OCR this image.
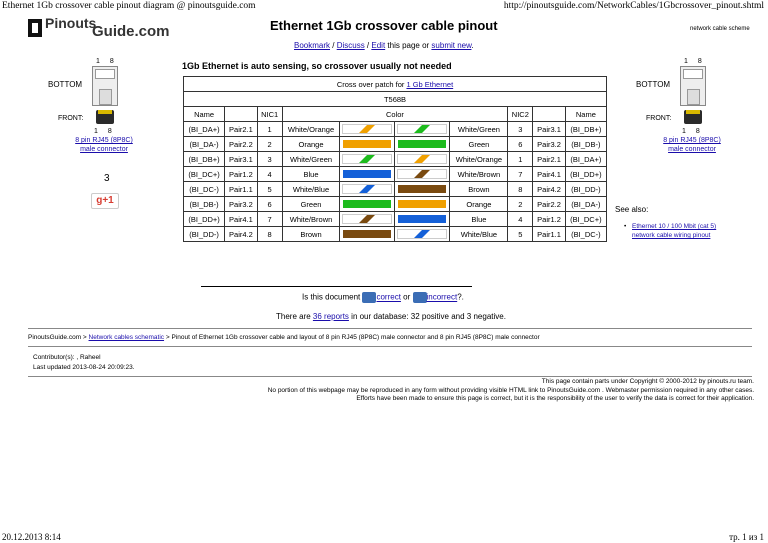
Ethernet 1Gb crossover cable pinout diagram @ pinoutsguide.com	http://pinoutsguide.com/NetworkCables/1Gbcrossover_pinout.shtml
Pinouts
Guide.com	Ethernet 1Gb crossover cable pinout
Bookmark / Discuss / Edit this page or submit new.
network cable scheme
1Gb Ethernet is auto sensing, so crossover usually not needed
1 8
BOTTOM
FRONT:
1 8
8 pin RJ45 (8P8C)
male connector
3
g+1
1 8
BOTTOM
FRONT:
1 8
8 pin RJ45 (8P8C)
male connector
Cross over patch for 1 Gb Ethernet									
T568B									
Name		NIC1	Color				NIC2		Name
(BI_DA+)	Pair2.1	1	White/Orange			White/Green	3	Pair3.1	(BI_DB+)
(BI_DA-)	Pair2.2	2	Orange			Green	6	Pair3.2	(BI_DB-)
(BI_DB+)	Pair3.1	3	White/Green			White/Orange	1	Pair2.1	(BI_DA+)
(BI_DC+)	Pair1.2	4	Blue			White/Brown	7	Pair4.1	(BI_DD+)
(BI_DC-)	Pair1.1	5	White/Blue			Brown	8	Pair4.2	(BI_DD-)
(BI_DB-)	Pair3.2	6	Green			Orange	2	Pair2.2	(BI_DA-)
(BI_DD+)	Pair4.1	7	White/Brown			Blue	4	Pair1.2	(BI_DC+)
(BI_DD-)	Pair4.2	8	Brown			White/Blue	5	Pair1.1	(BI_DC-)
See also:
• Ethernet 10 / 100 Mbit (cat 5)
network cable wiring pinout
Is this document correct or incorrect?.
There are 36 reports in our database: 32 positive and 3 negative.
PinoutsGuide.com > Network cables schematic > Pinout of Ethernet 1Gb crossover cable and layout of 8 pin RJ45 (8P8C) male connector and 8 pin RJ45 (8P8C) male connector
Contributor(s): , Raheel
Last updated 2013-08-24 20:09:23.
This page contain parts under Copyright © 2000-2012 by pinouts.ru team.
No portion of this webpage may be reproduced in any form without providing visible HTML link to PinoutsGuide.com . Webmaster permission required in any other cases.
Efforts have been made to ensure this page is correct, but it is the responsibility of the user to verify the data is correct for their application.
20.12.2013 8:14	тр. 1 из 1
